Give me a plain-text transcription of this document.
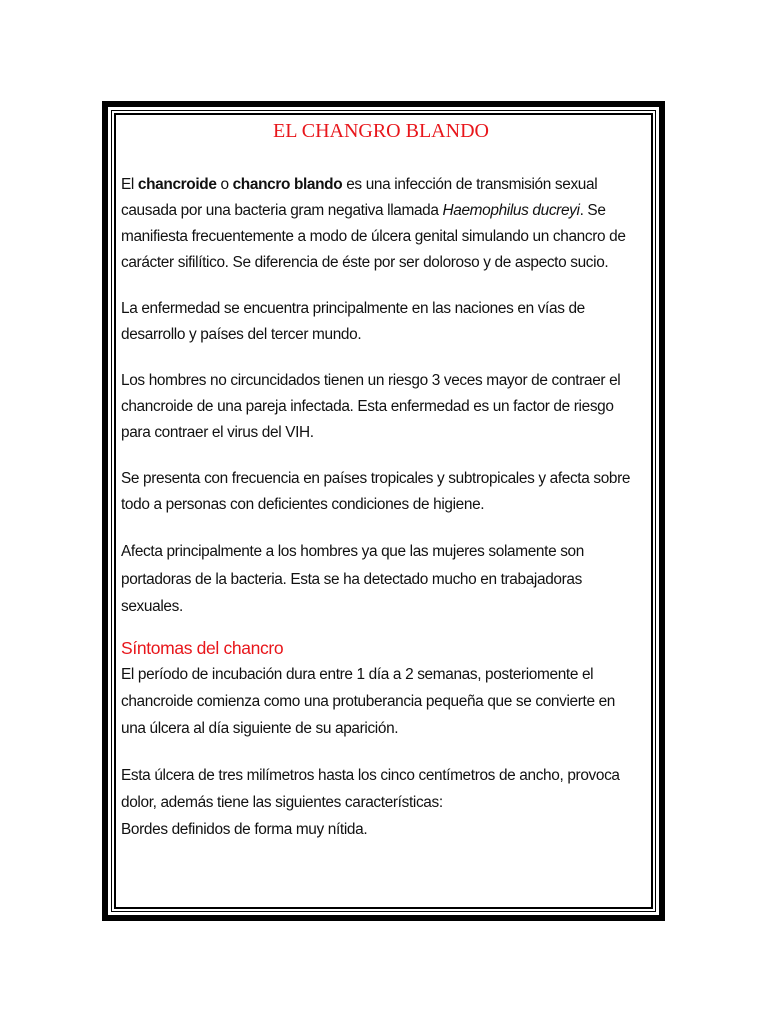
EL CHANGRO BLANDO

El chancroide o chancro blando es una infección de transmisión sexual causada por una bacteria gram negativa llamada Haemophilus ducreyi. Se manifiesta frecuentemente a modo de úlcera genital simulando un chancro de carácter sifilítico. Se diferencia de éste por ser doloroso y de aspecto sucio.

La enfermedad se encuentra principalmente en las naciones en vías de desarrollo y países del tercer mundo.

Los hombres no circuncidados tienen un riesgo 3 veces mayor de contraer el chancroide de una pareja infectada. Esta enfermedad es un factor de riesgo para contraer el virus del VIH.

Se presenta con frecuencia en países tropicales y subtropicales y afecta sobre todo a personas con deficientes condiciones de higiene.

Afecta principalmente a los hombres ya que las mujeres solamente son portadoras de la bacteria. Esta se ha detectado mucho en trabajadoras sexuales.

Síntomas del chancro

El período de incubación dura entre 1 día a 2 semanas, posteriomente el chancroide comienza como una protuberancia pequeña que se convierte en una úlcera al día siguiente de su aparición.

Esta úlcera de tres milímetros hasta los cinco centímetros de ancho, provoca dolor, además tiene las siguientes características:

Bordes definidos de forma muy nítida.
